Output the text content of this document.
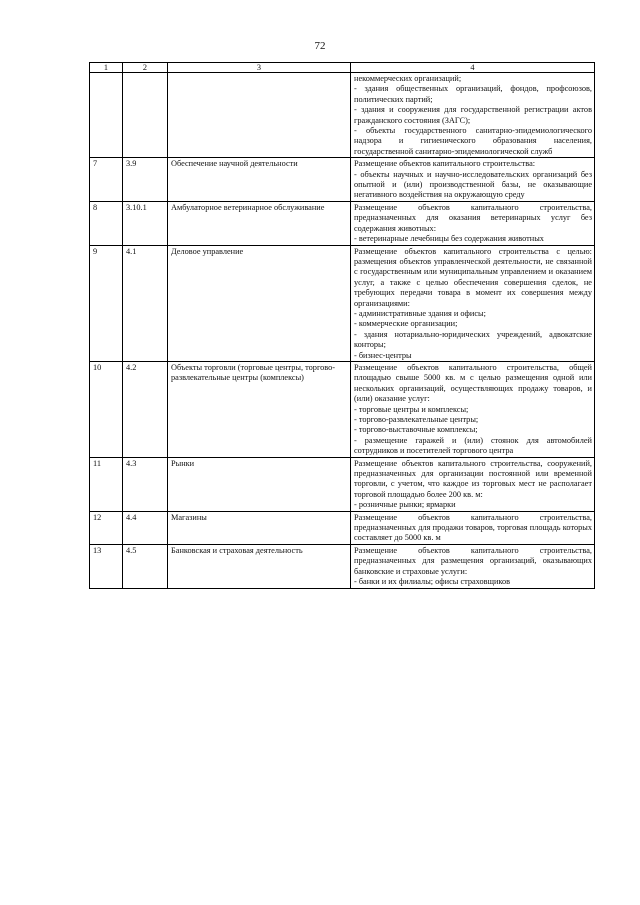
72
1	2	3	4

			некоммерческих организаций;
- здания общественных организаций, фондов, профсоюзов, политических партий;
- здания и сооружения для государственной регистрации актов гражданского состояния (ЗАГС);
- объекты государственного санитарно-эпидемиологического надзора и гигиенического образования населения, государственной санитарно-эпидемиологической служб

7	3.9	Обеспечение научной деятельности	Размещение объектов капитального строительства:
- объекты научных и научно-исследовательских организаций без опытной и (или) производственной базы, не оказывающие негативного воздействия на окружающую среду

8	3.10.1	Амбулаторное ветеринарное обслуживание	Размещение объектов капитального строительства, предназначенных для оказания ветеринарных услуг без содержания животных:
- ветеринарные лечебницы без содержания животных

9	4.1	Деловое управление	Размещение объектов капитального строительства с целью: размещения объектов управленческой деятельности, не связанной с государственным или муниципальным управлением и оказанием услуг, а также с целью обеспечения совершения сделок, не требующих передачи товара в момент их совершения между организациями:
- административные здания и офисы;
- коммерческие организации;
- здания нотариально-юридических учреждений, адвокатские конторы;
- бизнес-центры

10	4.2	Объекты торговли (торговые центры, торгово-развлекательные центры (комплексы)	Размещение объектов капитального строительства, общей площадью свыше 5000 кв. м с целью размещения одной или нескольких организаций, осуществляющих продажу товаров, и (или) оказание услуг:
- торговые центры и комплексы;
- торгово-развлекательные центры;
- торгово-выставочные комплексы;
- размещение гаражей и (или) стоянок для автомобилей сотрудников и посетителей торгового центра

11	4.3	Рынки	Размещение объектов капитального строительства, сооружений, предназначенных для организации постоянной или временной торговли, с учетом, что каждое из торговых мест не располагает торговой площадью более 200 кв. м:
- розничные рынки; ярмарки

12	4.4	Магазины	Размещение объектов капитального строительства, предназначенных для продажи товаров, торговая площадь которых составляет до 5000 кв. м

13	4.5	Банковская и страховая деятельность	Размещение объектов капитального строительства, предназначенных для размещения организаций, оказывающих банковские и страховые услуги:
- банки и их филиалы; офисы страховщиков
